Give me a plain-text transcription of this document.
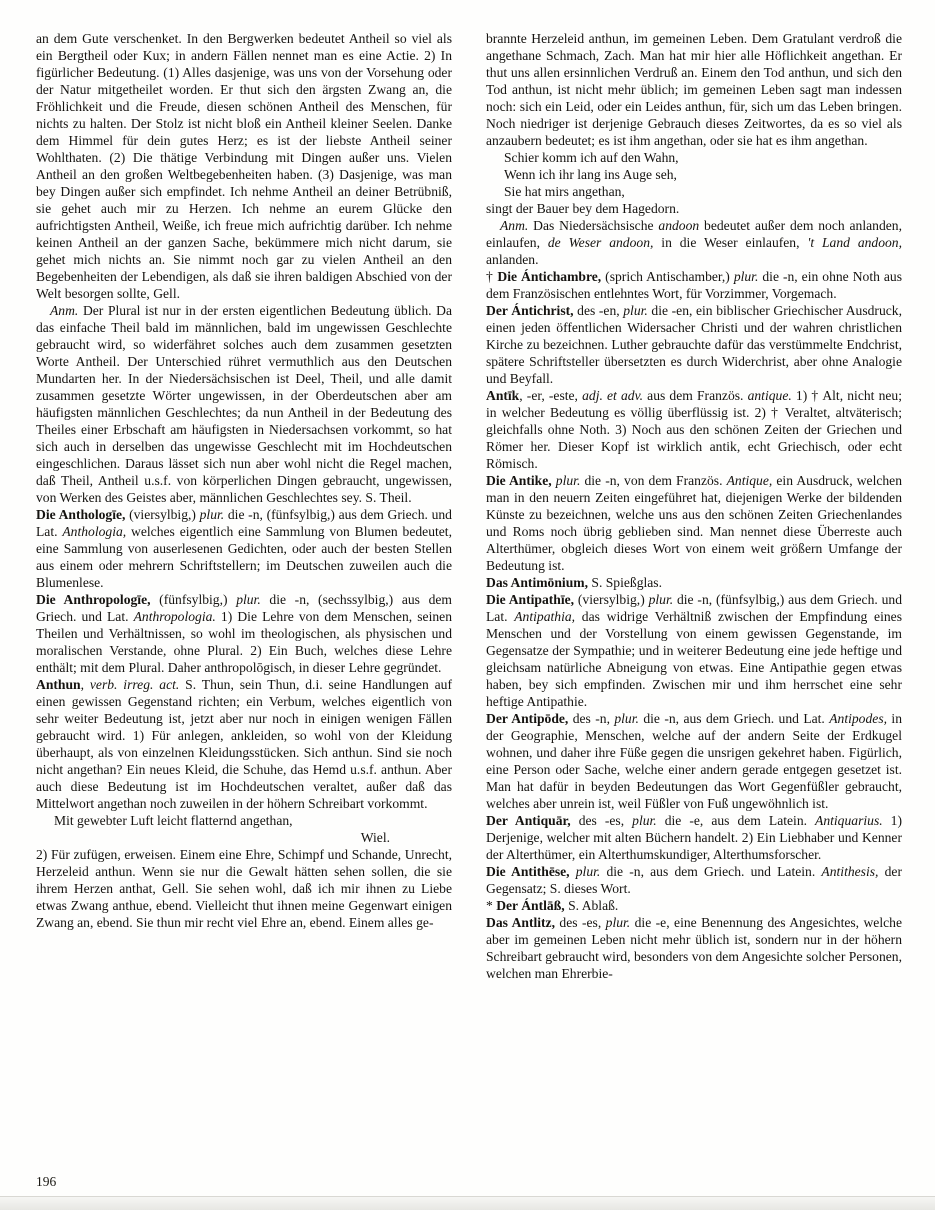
an dem Gute verschenket. In den Bergwerken bedeutet Antheil so viel als ein Bergtheil oder Kux; in andern Fällen nennet man es eine Actie. 2) In figürlicher Bedeutung. (1) Alles dasjenige, was uns von der Vorsehung oder der Natur mitgetheilet worden. Er thut sich den ärgsten Zwang an, die Fröhlichkeit und die Freude, diesen schönen Antheil des Menschen, für nichts zu halten. Der Stolz ist nicht bloß ein Antheil kleiner Seelen. Danke dem Himmel für dein gutes Herz; es ist der liebste Antheil seiner Wohlthaten. (2) Die thätige Verbindung mit Dingen außer uns. Vielen Antheil an den großen Weltbegebenheiten haben. (3) Dasjenige, was man bey Dingen außer sich empfindet. Ich nehme Antheil an deiner Betrübniß, sie gehet auch mir zu Herzen. Ich nehme an eurem Glücke den aufrichtigsten Antheil, Weiße, ich freue mich aufrichtig darüber. Ich nehme keinen Antheil an der ganzen Sache, bekümmere mich nicht darum, sie gehet mich nichts an. Sie nimmt noch gar zu vielen Antheil an den Begebenheiten der Lebendigen, als daß sie ihren baldigen Abschied von der Welt besorgen sollte, Gell.

Anm. Der Plural ist nur in der ersten eigentlichen Bedeutung üblich. Da das einfache Theil bald im männlichen, bald im ungewissen Geschlechte gebraucht wird, so widerfähret solches auch dem zusammen gesetzten Worte Antheil. Der Unterschied rühret vermuthlich aus den Deutschen Mundarten her. In der Niedersächsischen ist Deel, Theil, und alle damit zusammen gesetzte Wörter ungewissen, in der Oberdeutschen aber am häufigsten männlichen Geschlechtes; da nun Antheil in der Bedeutung des Theiles einer Erbschaft am häufigsten in Niedersachsen vorkommt, so hat sich auch in derselben das ungewisse Geschlecht mit im Hochdeutschen eingeschlichen. Daraus lässet sich nun aber wohl nicht die Regel machen, daß Theil, Antheil u.s.f. von körperlichen Dingen gebraucht, ungewissen, von Werken des Geistes aber, männlichen Geschlechtes sey. S. Theil.

Die Anthologīe, (viersylbig,) plur. die -n, (fünfsylbig,) aus dem Griech. und Lat. Anthologia, welches eigentlich eine Sammlung von Blumen bedeutet, eine Sammlung von auserlesenen Gedichten, oder auch der besten Stellen aus einem oder mehrern Schriftstellern; im Deutschen zuweilen auch die Blumenlese.

Die Anthropologīe, (fünfsylbig,) plur. die -n, (sechssylbig,) aus dem Griech. und Lat. Anthropologia. 1) Die Lehre von dem Menschen, seinen Theilen und Verhältnissen, so wohl im theologischen, als physischen und moralischen Verstande, ohne Plural. 2) Ein Buch, welches diese Lehre enthält; mit dem Plural. Daher anthropolōgisch, in dieser Lehre gegründet.

Anthun, verb. irreg. act. S. Thun, sein Thun, d.i. seine Handlungen auf einen gewissen Gegenstand richten; ein Verbum, welches eigentlich von sehr weiter Bedeutung ist, jetzt aber nur noch in einigen wenigen Fällen gebraucht wird. 1) Für anlegen, ankleiden, so wohl von der Kleidung überhaupt, als von einzelnen Kleidungsstücken. Sich anthun. Sind sie noch nicht angethan? Ein neues Kleid, die Schuhe, das Hemd u.s.f. anthun. Aber auch diese Bedeutung ist im Hochdeutschen veraltet, außer daß das Mittelwort angethan noch zuweilen in der höhern Schreibart vorkommt.

Mit gewebter Luft leicht flatternd angethan,

Wiel.

2) Für zufügen, erweisen. Einem eine Ehre, Schimpf und Schande, Unrecht, Herzeleid anthun. Wenn sie nur die Gewalt hätten sehen sollen, die sie ihrem Herzen anthat, Gell. Sie sehen wohl, daß ich mir ihnen zu Liebe etwas Zwang anthue, ebend. Vielleicht thut ihnen meine Gegenwart einigen Zwang an, ebend. Sie thun mir recht viel Ehre an, ebend. Einem alles ge-

brannte Herzeleid anthun, im gemeinen Leben. Dem Gratulant verdroß die angethane Schmach, Zach. Man hat mir hier alle Höflichkeit angethan. Er thut uns allen ersinnlichen Verdruß an. Einem den Tod anthun, und sich den Tod anthun, ist nicht mehr üblich; im gemeinen Leben sagt man indessen noch: sich ein Leid, oder ein Leides anthun, für, sich um das Leben bringen. Noch niedriger ist derjenige Gebrauch dieses Zeitwortes, da es so viel als anzaubern bedeutet; es ist ihm angethan, oder sie hat es ihm angethan.

Schier komm ich auf den Wahn,

Wenn ich ihr lang ins Auge seh,

Sie hat mirs angethan,

singt der Bauer bey dem Hagedorn.

Anm. Das Niedersächsische andoon bedeutet außer dem noch anlanden, einlaufen, de Weser andoon, in die Weser einlaufen, 't Land andoon, anlanden.

† Die Ántichambre, (sprich Antischamber,) plur. die -n, ein ohne Noth aus dem Französischen entlehntes Wort, für Vorzimmer, Vorgemach.

Der Ántichrist, des -en, plur. die -en, ein biblischer Griechischer Ausdruck, einen jeden öffentlichen Widersacher Christi und der wahren christlichen Kirche zu bezeichnen. Luther gebrauchte dafür das verstümmelte Endchrist, spätere Schriftsteller übersetzten es durch Widerchrist, aber ohne Analogie und Beyfall.

Antīk, -er, -este, adj. et adv. aus dem Französ. antique. 1) † Alt, nicht neu; in welcher Bedeutung es völlig überflüssig ist. 2) † Veraltet, altväterisch; gleichfalls ohne Noth. 3) Noch aus den schönen Zeiten der Griechen und Römer her. Dieser Kopf ist wirklich antik, echt Griechisch, oder echt Römisch.

Die Antike, plur. die -n, von dem Französ. Antique, ein Ausdruck, welchen man in den neuern Zeiten eingeführet hat, diejenigen Werke der bildenden Künste zu bezeichnen, welche uns aus den schönen Zeiten Griechenlandes und Roms noch übrig geblieben sind. Man nennet diese Überreste auch Alterthümer, obgleich dieses Wort von einem weit größern Umfange der Bedeutung ist.

Das Antimōnium, S. Spießglas.

Die Antipathīe, (viersylbig,) plur. die -n, (fünfsylbig,) aus dem Griech. und Lat. Antipathia, das widrige Verhältniß zwischen der Empfindung eines Menschen und der Vorstellung von einem gewissen Gegenstande, im Gegensatze der Sympathie; und in weiterer Bedeutung eine jede heftige und gleichsam natürliche Abneigung von etwas. Eine Antipathie gegen etwas haben, bey sich empfinden. Zwischen mir und ihm herrschet eine sehr heftige Antipathie.

Der Antipōde, des -n, plur. die -n, aus dem Griech. und Lat. Antipodes, in der Geographie, Menschen, welche auf der andern Seite der Erdkugel wohnen, und daher ihre Füße gegen die unsrigen gekehret haben. Figürlich, eine Person oder Sache, welche einer andern gerade entgegen gesetzet ist. Man hat dafür in beyden Bedeutungen das Wort Gegenfüßler gebraucht, welches aber unrein ist, weil Füßler von Fuß ungewöhnlich ist.

Der Antiquār, des -es, plur. die -e, aus dem Latein. Antiquarius. 1) Derjenige, welcher mit alten Büchern handelt. 2) Ein Liebhaber und Kenner der Alterthümer, ein Alterthumskundiger, Alterthumsforscher.

Die Antithēse, plur. die -n, aus dem Griech. und Latein. Antithesis, der Gegensatz; S. dieses Wort.

* Der Ántlāß, S. Ablaß.

Das Antlitz, des -es, plur. die -e, eine Benennung des Angesichtes, welche aber im gemeinen Leben nicht mehr üblich ist, sondern nur in der höhern Schreibart gebraucht wird, besonders von dem Angesichte solcher Personen, welchen man Ehrerbie-

196
